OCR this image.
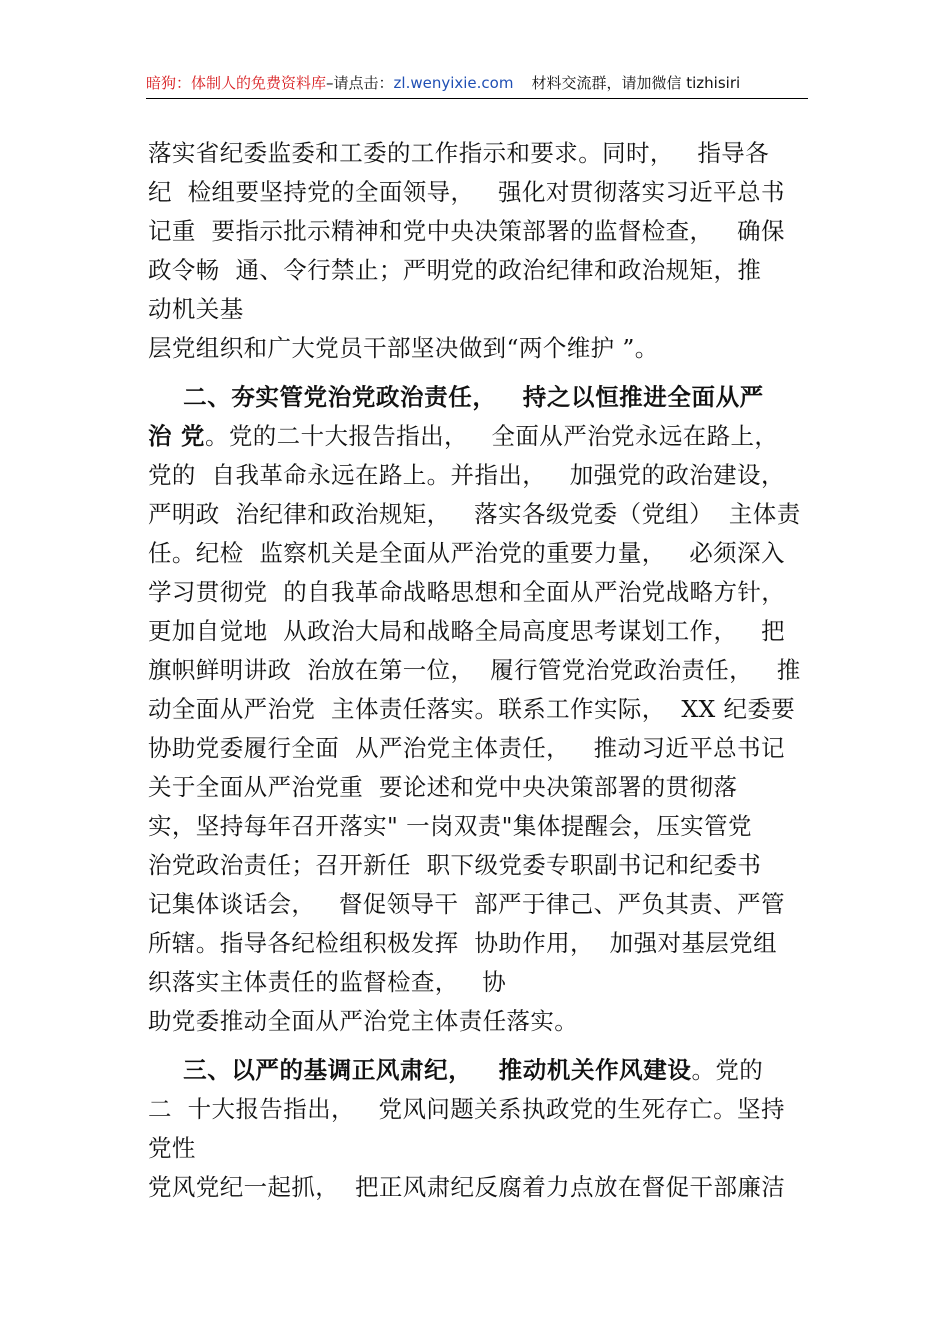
暗狗：体制人的免费资料库–请点击：zl.wenyixie.com 材料交流群，请加微信 tizhisiri
落实省纪委监委和工委的工作指示和要求。同时，   指导各
纪  检组要坚持党的全面领导，   强化对贯彻落实习近平总书
记重  要指示批示精神和党中央决策部署的监督检查，   确保
政令畅  通、令行禁止；严明党的政治纪律和政治规矩，推
动机关基
层党组织和广大党员干部坚决做到“两个维护 ”。
二、夯实管党治党政治责任，   持之以恒推进全面从严
治 党。党的二十大报告指出，   全面从严治党永远在路上，
党的  自我革命永远在路上。并指出，   加强党的政治建设，
严明政  治纪律和政治规矩，   落实各级党委（党组）  主体责
任。纪检  监察机关是全面从严治党的重要力量，   必须深入
学习贯彻党  的自我革命战略思想和全面从严治党战略方针，
更加自觉地  从政治大局和战略全局高度思考谋划工作，   把
旗帜鲜明讲政  治放在第一位，  履行管党治党政治责任，   推
动全面从严治党  主体责任落实。联系工作实际，  XX 纪委要
协助党委履行全面  从严治党主体责任，   推动习近平总书记
关于全面从严治党重  要论述和党中央决策部署的贯彻落
实，坚持每年召开落实" 一岗双责"集体提醒会，压实管党
治党政治责任；召开新任  职下级党委专职副书记和纪委书
记集体谈话会，   督促领导干  部严于律己、严负其责、严管
所辖。指导各纪检组积极发挥  协助作用，  加强对基层党组
织落实主体责任的监督检查，   协
助党委推动全面从严治党主体责任落实。
三、以严的基调正风肃纪，   推动机关作风建设。党的
二  十大报告指出，   党风问题关系执政党的生死存亡。坚持
党性
党风党纪一起抓，  把正风肃纪反腐着力点放在督促干部廉洁
